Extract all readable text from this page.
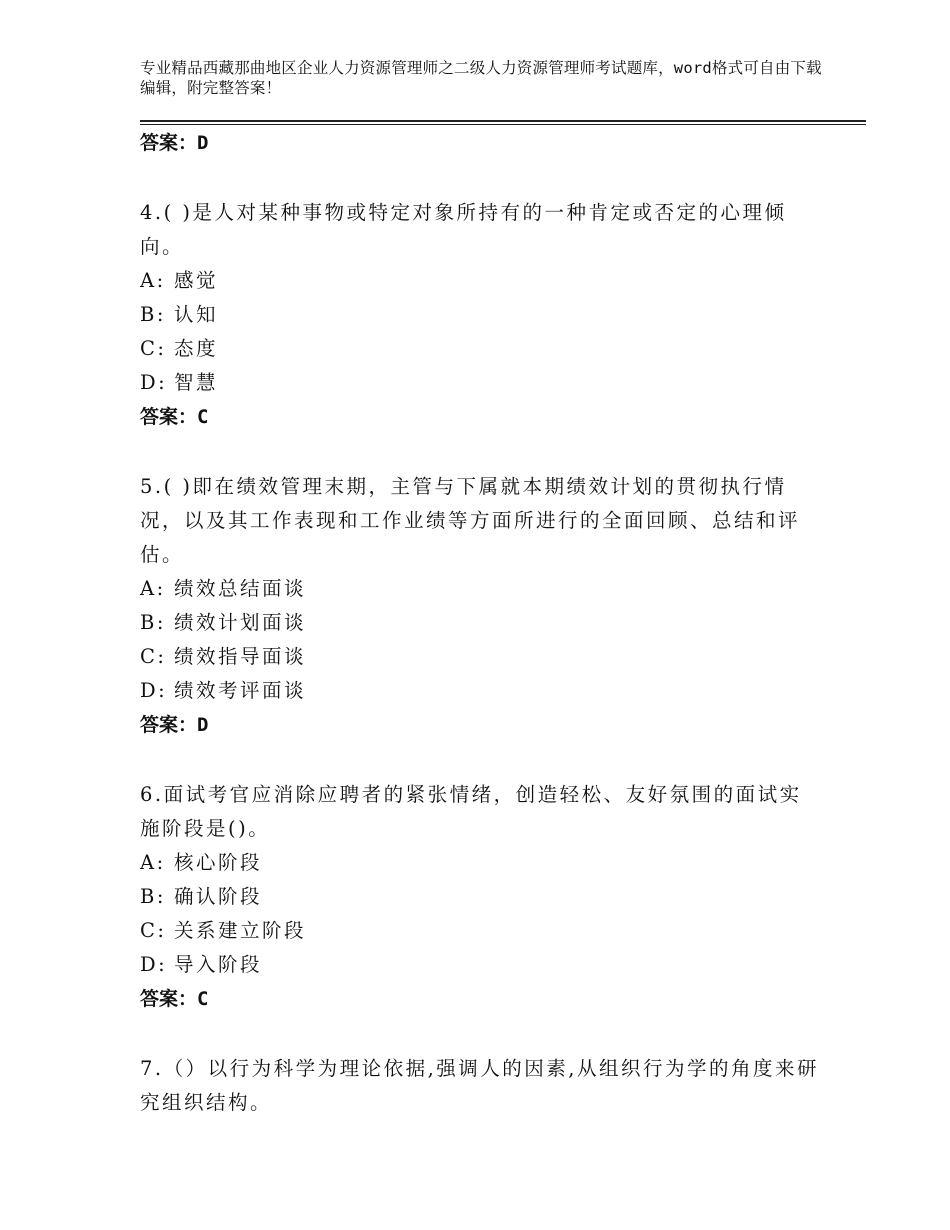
专业精品西藏那曲地区企业人力资源管理师之二级人力资源管理师考试题库，word格式可自由下载编辑，附完整答案！
答案：D
4.( )是人对某种事物或特定对象所持有的一种肯定或否定的心理倾向。
A: 感觉
B: 认知
C: 态度
D: 智慧
答案：C
5.( )即在绩效管理末期，主管与下属就本期绩效计划的贯彻执行情况，以及其工作表现和工作业绩等方面所进行的全面回顾、总结和评估。
A: 绩效总结面谈
B: 绩效计划面谈
C: 绩效指导面谈
D: 绩效考评面谈
答案：D
6.面试考官应消除应聘者的紧张情绪，创造轻松、友好氛围的面试实施阶段是()。
A: 核心阶段
B: 确认阶段
C: 关系建立阶段
D: 导入阶段
答案：C
7.（）以行为科学为理论依据,强调人的因素,从组织行为学的角度来研究组织结构。
